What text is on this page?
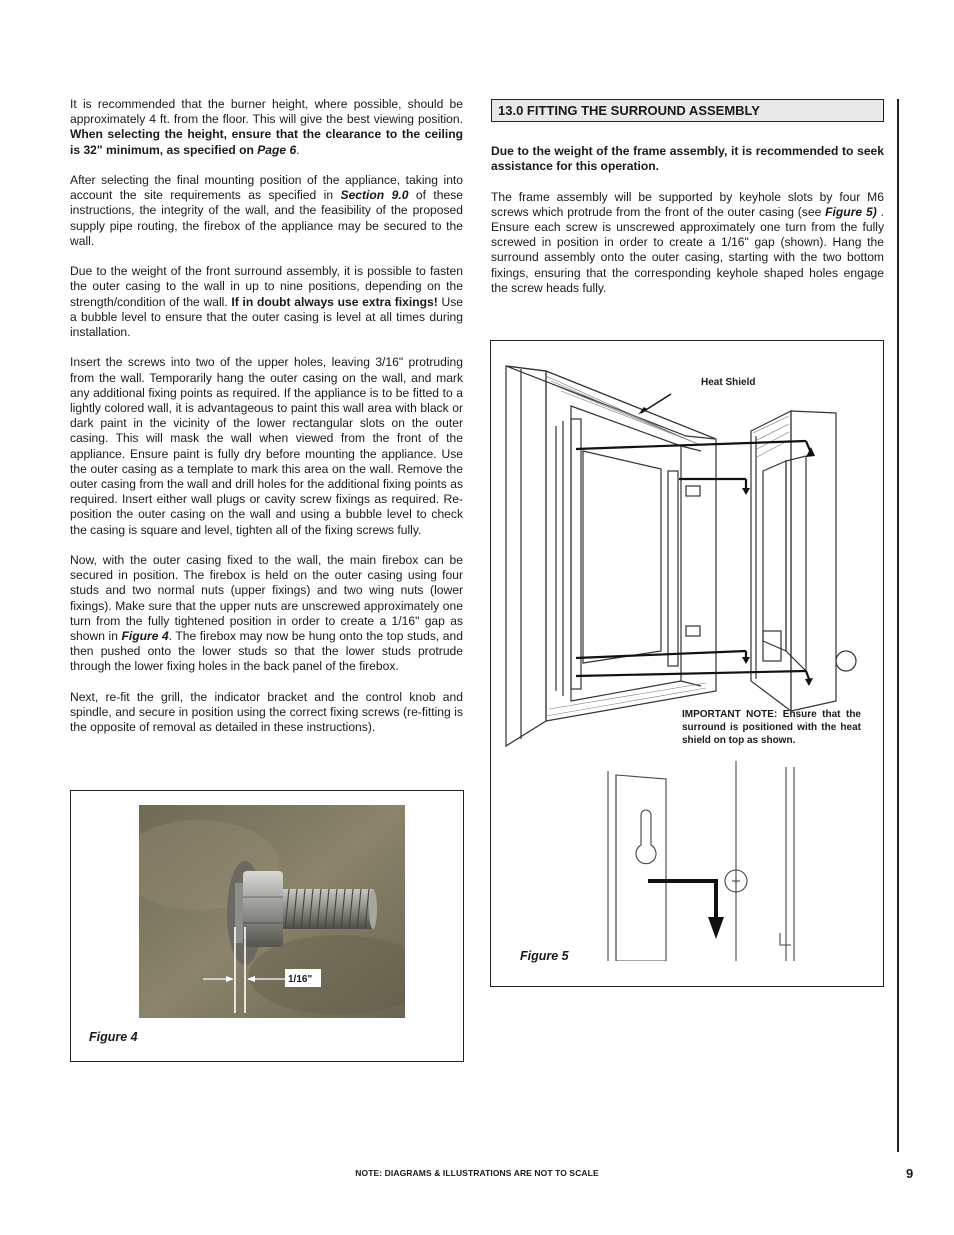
It is recommended that the burner height, where possible, should be approximately 4 ft. from the floor. This will give the best viewing position. When selecting the height, ensure that the clearance to the ceiling is 32" minimum, as specified on Page 6.

After selecting the final mounting position of the appliance, taking into account the site requirements as specified in Section 9.0 of these instructions, the integrity of the wall, and the feasibility of the proposed supply pipe routing, the firebox of the appliance may be secured to the wall.

Due to the weight of the front surround assembly, it is possible to fasten the outer casing to the wall in up to nine positions, depending on the strength/condition of the wall. If in doubt always use extra fixings! Use a bubble level to ensure that the outer casing is level at all times during installation.

Insert the screws into two of the upper holes, leaving 3/16" protruding from the wall. Temporarily hang the outer casing on the wall, and mark any additional fixing points as required. If the appliance is to be fitted to a lightly colored wall, it is advantageous to paint this wall area with black or dark paint in the vicinity of the lower rectangular slots on the outer casing. This will mask the wall when viewed from the front of the appliance. Ensure paint is fully dry before mounting the appliance. Use the outer casing as a template to mark this area on the wall. Remove the outer casing from the wall and drill holes for the additional fixing points as required. Insert either wall plugs or cavity screw fixings as required. Re-position the outer casing on the wall and using a bubble level to check the casing is square and level, tighten all of the fixing screws fully.

Now, with the outer casing fixed to the wall, the main firebox can be secured in position. The firebox is held on the outer casing using four studs and two normal nuts (upper fixings) and two wing nuts (lower fixings). Make sure that the upper nuts are unscrewed approximately one turn from the fully tightened position in order to create a 1/16" gap as shown in Figure 4. The firebox may now be hung onto the top studs, and then pushed onto the lower studs so that the lower studs protrude through the lower fixing holes in the back panel of the firebox.

Next, re-fit the grill, the indicator bracket and the control knob and spindle, and secure in position using the correct fixing screws (re-fitting is the opposite of removal as detailed in these instructions).

13.0 FITTING THE SURROUND ASSEMBLY

Due to the weight of the frame assembly, it is recommended to seek assistance for this operation.

The frame assembly will be supported by keyhole slots by four M6 screws which protrude from the front of the outer casing (see Figure 5) . Ensure each screw is unscrewed approximately one turn from the fully screwed in position in order to create a 1/16" gap (shown). Hang the surround assembly onto the outer casing, starting with the two bottom fixings, ensuring that the corresponding keyhole shaped holes engage the screw heads fully.

1/16"
Figure 4
Heat Shield
IMPORTANT NOTE: Ensure that the surround is positioned with the heat shield on top as shown.
Figure 5
NOTE: DIAGRAMS & ILLUSTRATIONS ARE NOT TO SCALE	9
